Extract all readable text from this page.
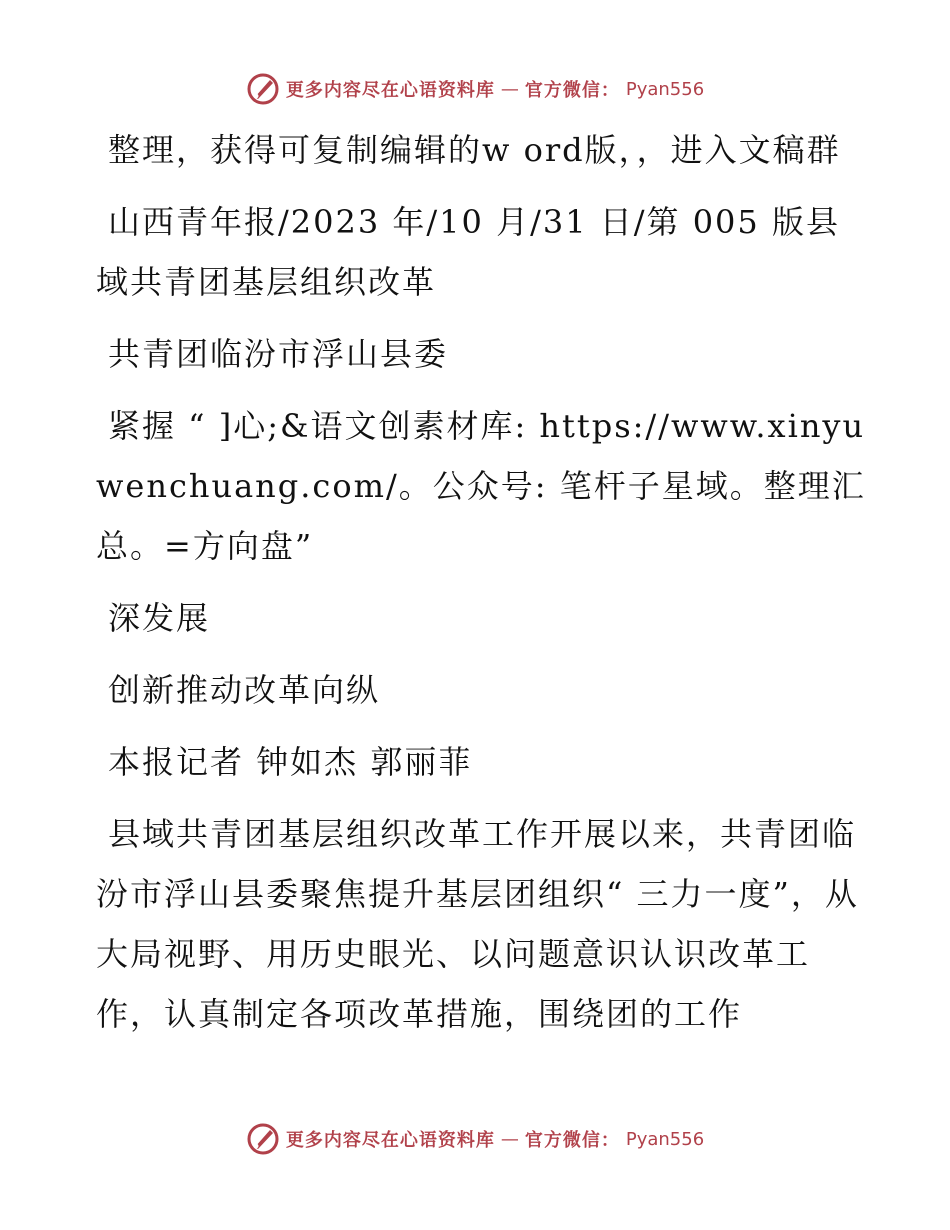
更多内容尽在心语资料库 — 官方微信： Pyan556

整理，获得可复制编辑的w ord版，，进入文稿群

山西青年报/2023 年/10 月/31 日/第 005 版县域共青团基层组织改革

共青团临汾市浮山县委

紧握 “ ]心;&语文创素材库: https://www.xinyuwenchuang.com/。公众号: 笔杆子星域。整理汇总。=方向盘”

深发展

创新推动改革向纵

本报记者 钟如杰 郭丽菲

县域共青团基层组织改革工作开展以来，共青团临汾市浮山县委聚焦提升基层团组织“ 三力一度”，从大局视野、用历史眼光、以问题意识认识改革工作，认真制定各项改革措施，围绕团的工作

更多内容尽在心语资料库 — 官方微信： Pyan556
